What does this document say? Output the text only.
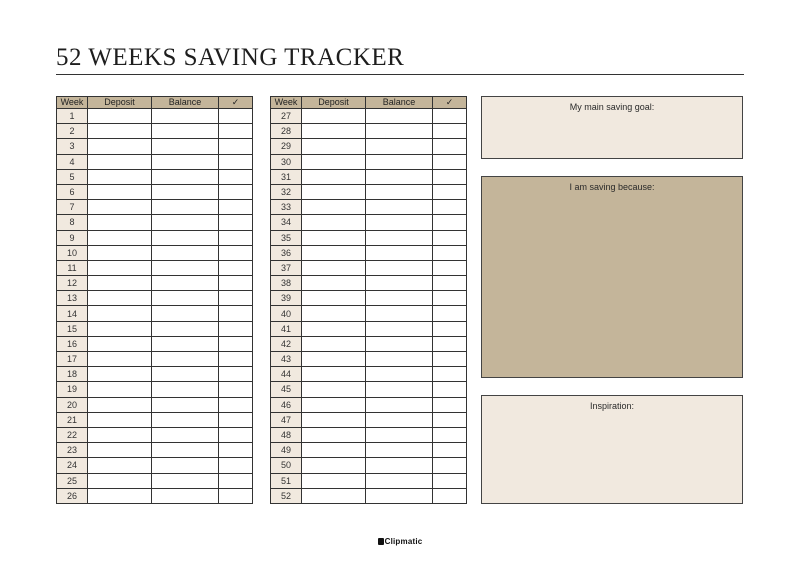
52 WEEKS SAVING TRACKER
Week	Deposit	Balance	✓
1			
2			
3			
4			
5			
6			
7			
8			
9			
10			
11			
12			
13			
14			
15			
16			
17			
18			
19			
20			
21			
22			
23			
24			
25			
26			
Week	Deposit	Balance	✓
27			
28			
29			
30			
31			
32			
33			
34			
35			
36			
37			
38			
39			
40			
41			
42			
43			
44			
45			
46			
47			
48			
49			
50			
51			
52			
My main saving goal:
I am saving because:
Inspiration:
Clipmatic
